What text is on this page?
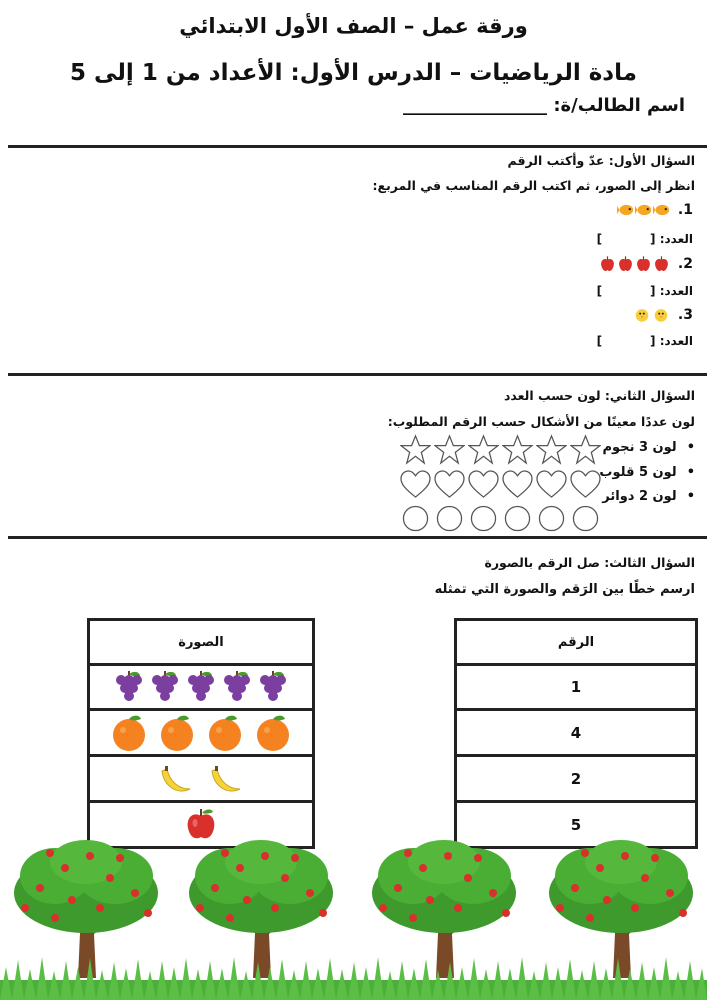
ورقة عمل – الصف الأول الابتدائي
مادة الرياضيات – الدرس الأول: الأعداد من 1 إلى 5
اسم الطالب/ة: ________________
السؤال الأول: عدّ وأكتب الرقم
انظر إلى الصور، ثم اكتب الرقم المناسب في المربع:
1.
العدد: []
2.
العدد: []
3.
العدد: []
السؤال الثاني: لون حسب العدد
لون عددًا معينًا من الأشكال حسب الرقم المطلوب:
• لون 3 نجوم
• لون 5 قلوب
• لون 2 دوائر
السؤال الثالث: صل الرقم بالصورة
ارسم خطًا بين الرَقم والصورة التي تمثله
الرقم
1
4
2
5
الصورة
